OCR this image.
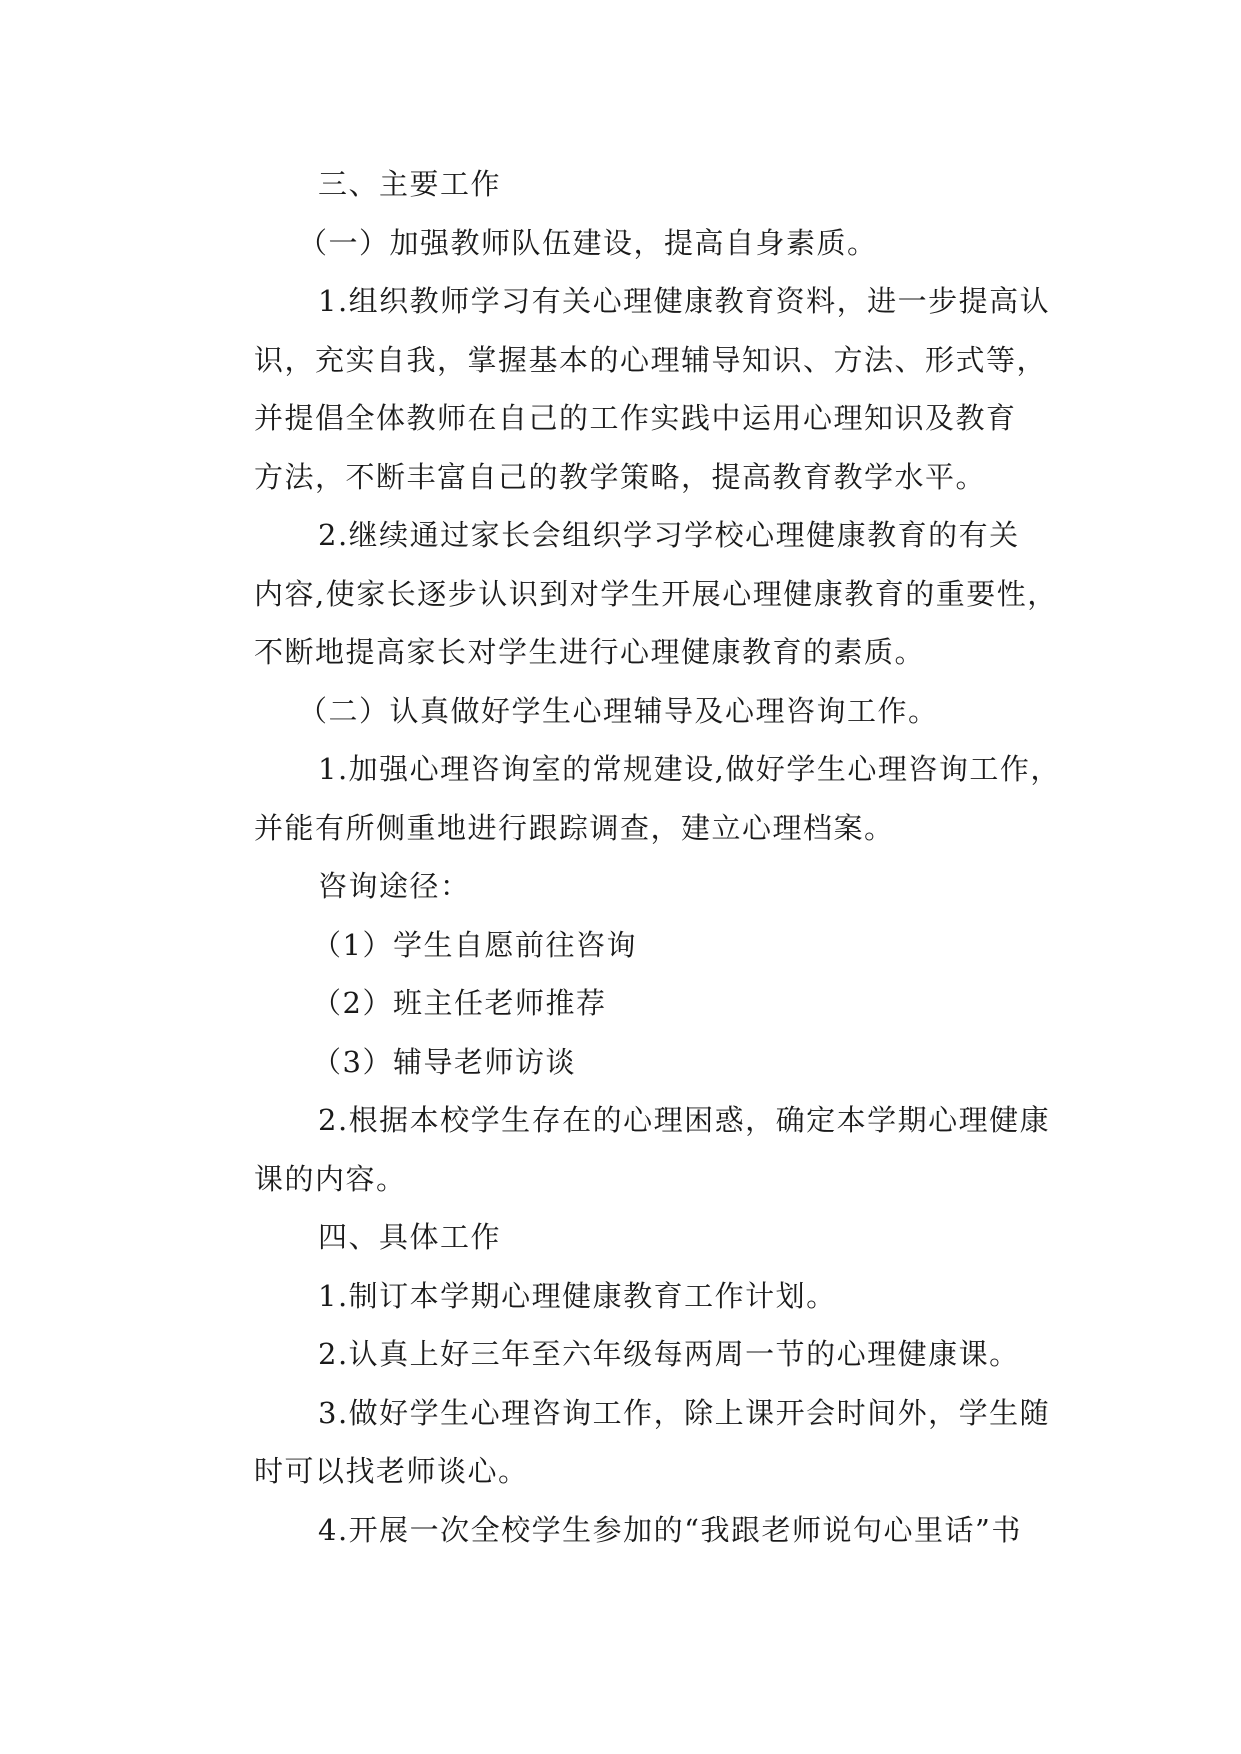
三、主要工作
（一）加强教师队伍建设，提高自身素质。
1.组织教师学习有关心理健康教育资料，进一步提高认
识，充实自我，掌握基本的心理辅导知识、方法、形式等，
并提倡全体教师在自己的工作实践中运用心理知识及教育
方法，不断丰富自己的教学策略，提高教育教学水平。
2.继续通过家长会组织学习学校心理健康教育的有关
内容,使家长逐步认识到对学生开展心理健康教育的重要性，
不断地提高家长对学生进行心理健康教育的素质。
（二）认真做好学生心理辅导及心理咨询工作。
1.加强心理咨询室的常规建设,做好学生心理咨询工作，
并能有所侧重地进行跟踪调查，建立心理档案。
咨询途径：
（1）学生自愿前往咨询
（2）班主任老师推荐
（3）辅导老师访谈
2.根据本校学生存在的心理困惑，确定本学期心理健康
课的内容。
四、具体工作
1.制订本学期心理健康教育工作计划。
2.认真上好三年至六年级每两周一节的心理健康课。
3.做好学生心理咨询工作，除上课开会时间外，学生随
时可以找老师谈心。
4.开展一次全校学生参加的“我跟老师说句心里话”书
